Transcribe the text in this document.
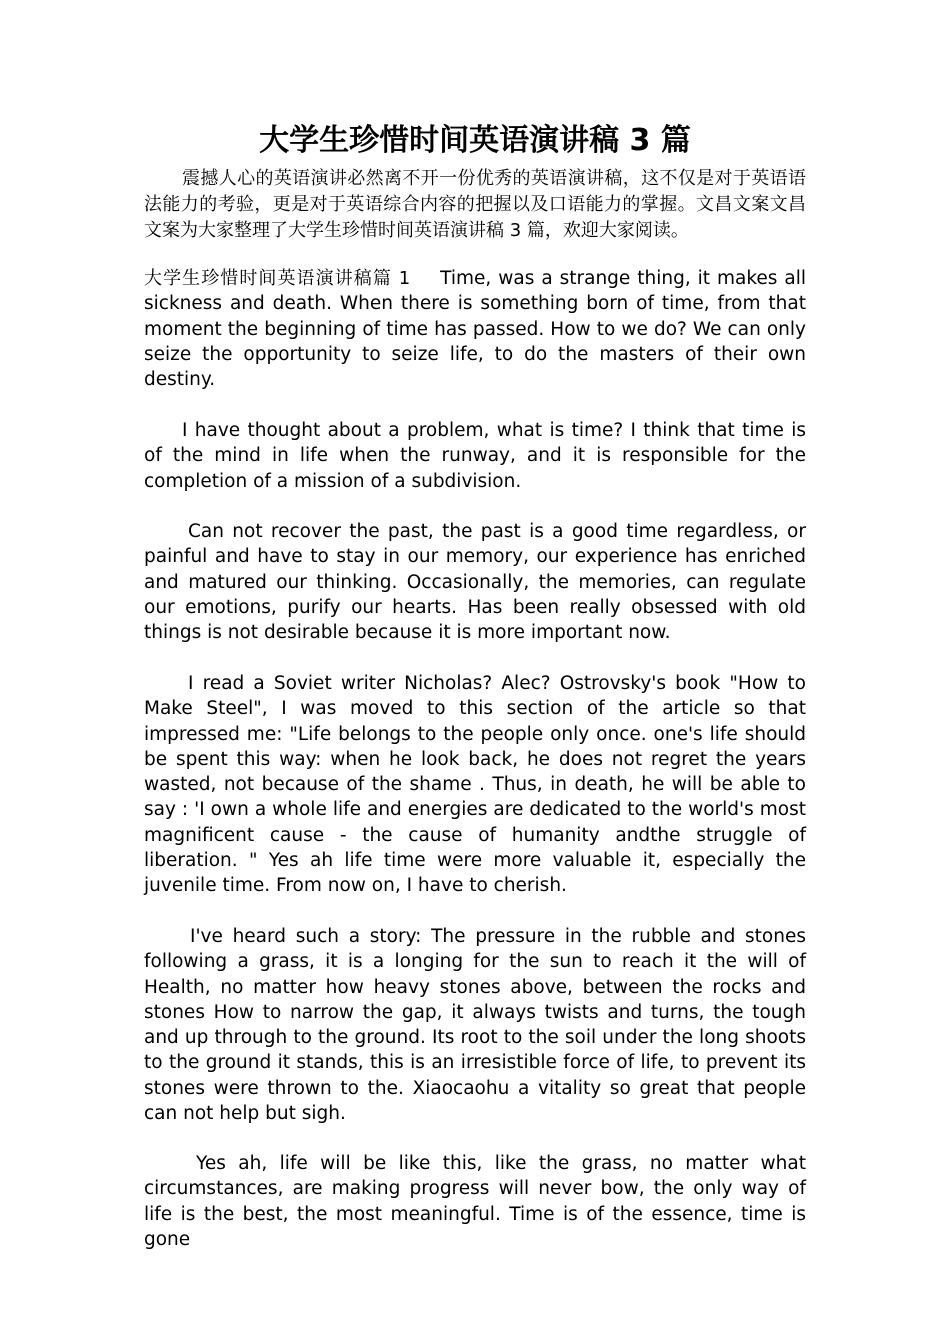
大学生珍惜时间英语演讲稿 3 篇

震撼人心的英语演讲必然离不开一份优秀的英语演讲稿，这不仅是对于英语语法能力的考验，更是对于英语综合内容的把握以及口语能力的掌握。文昌文案文昌文案为大家整理了大学生珍惜时间英语演讲稿 3 篇，欢迎大家阅读。

大学生珍惜时间英语演讲稿篇 1 Time, was a strange thing, it makes all sickness and death. When there is something born of time, from that moment the beginning of time has passed. How to we do? We can only seize the opportunity to seize life, to do the masters of their own destiny.

I have thought about a problem, what is time? I think that time is of the mind in life when the runway, and it is responsible for the completion of a mission of a subdivision.

Can not recover the past, the past is a good time regardless, or painful and have to stay in our memory, our experience has enriched and matured our thinking. Occasionally, the memories, can regulate our emotions, purify our hearts. Has been really obsessed with old things is not desirable because it is more important now.

I read a Soviet writer Nicholas? Alec? Ostrovsky's book "How to Make Steel", I was moved to this section of the article so that impressed me: "Life belongs to the people only once. one's life should be spent this way: when he look back, he does not regret the years wasted, not because of the shame . Thus, in death, he will be able to say : 'I own a whole life and energies are dedicated to the world's most magnificent cause - the cause of humanity andthe struggle of liberation. " Yes ah life time were more valuable it, especially the juvenile time. From now on, I have to cherish.

I've heard such a story: The pressure in the rubble and stones following a grass, it is a longing for the sun to reach it the will of Health, no matter how heavy stones above, between the rocks and stones How to narrow the gap, it always twists and turns, the tough and up through to the ground. Its root to the soil under the long shoots to the ground it stands, this is an irresistible force of life, to prevent its stones were thrown to the. Xiaocaohu a vitality so great that people can not help but sigh.

Yes ah, life will be like this, like the grass, no matter what circumstances, are making progress will never bow, the only way of life is the best, the most meaningful. Time is of the essence, time is gone
